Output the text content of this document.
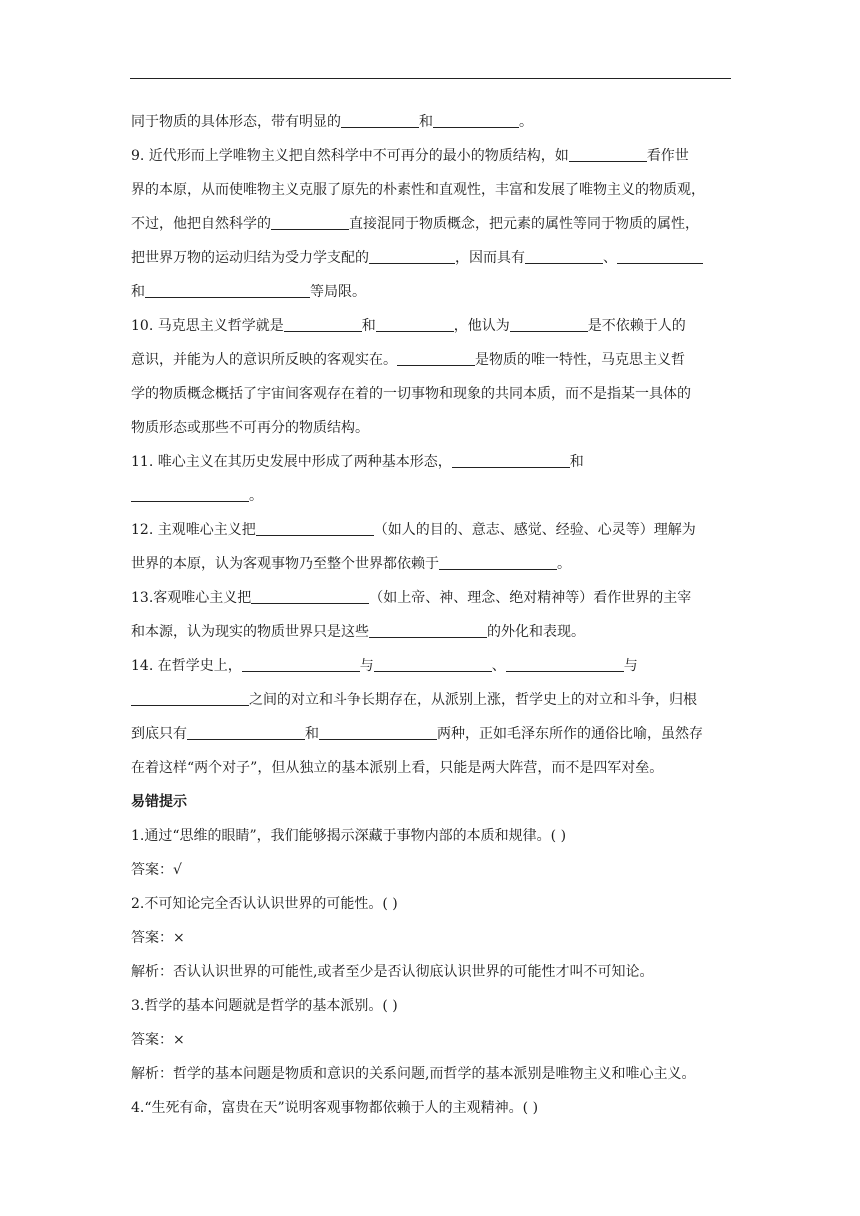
同于物质的具体形态，带有明显的	和	。
9. 近代形而上学唯物主义把自然科学中不可再分的最小的物质结构，如	看作世
界的本原，从而使唯物主义克服了原先的朴素性和直观性，丰富和发展了唯物主义的物质观，
不过，他把自然科学的	直接混同于物质概念，把元素的属性等同于物质的属性，
把世界万物的运动归结为受力学支配的	，因而具有	、
和	等局限。
10. 马克思主义哲学就是	和	，他认为	是不依赖于人的
意识，并能为人的意识所反映的客观实在。	是物质的唯一特性，马克思主义哲
学的物质概念概括了宇宙间客观存在着的一切事物和现象的共同本质，而不是指某一具体的
物质形态或那些不可再分的物质结构。
11. 唯心主义在其历史发展中形成了两种基本形态，	和
。
12. 主观唯心主义把	（如人的目的、意志、感觉、经验、心灵等）理解为
世界的本原，认为客观事物乃至整个世界都依赖于	。
13.客观唯心主义把	（如上帝、神、理念、绝对精神等）看作世界的主宰
和本源，认为现实的物质世界只是这些	的外化和表现。
14. 在哲学史上，	与	、	与
之间的对立和斗争长期存在，从派别上涨，哲学史上的对立和斗争，归根
到底只有	和	两种，正如毛泽东所作的通俗比喻，虽然存
在着这样“两个对子”，但从独立的基本派别上看，只能是两大阵营，而不是四军对垒。
易错提示
1.通过“思维的眼睛”，我们能够揭示深藏于事物内部的本质和规律。( )
答案：√
2.不可知论完全否认认识世界的可能性。( )
答案：×
解析：否认认识世界的可能性,或者至少是否认彻底认识世界的可能性才叫不可知论。
3.哲学的基本问题就是哲学的基本派别。( )
答案：×
解析：哲学的基本问题是物质和意识的关系问题,而哲学的基本派别是唯物主义和唯心主义。
4.“生死有命，富贵在天”说明客观事物都依赖于人的主观精神。( )
